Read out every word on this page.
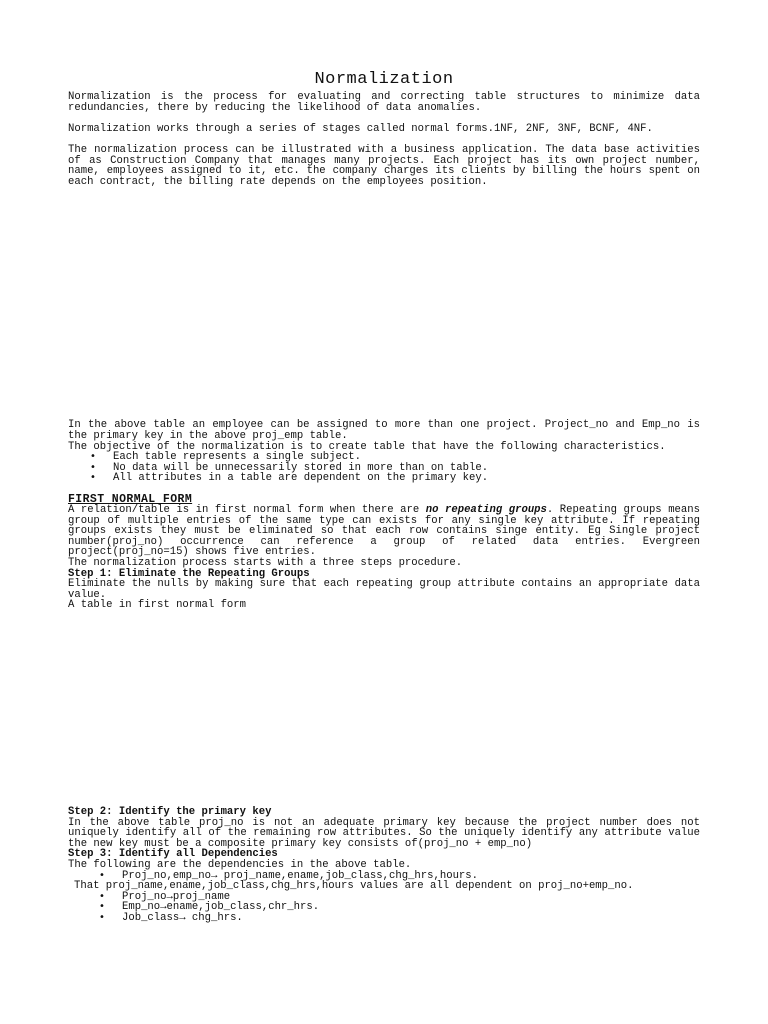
Normalization

Normalization is the process for evaluating and correcting table structures to minimize data redundancies, there by reducing the likelihood of data anomalies.

Normalization works through a series of stages called normal forms.1NF, 2NF, 3NF, BCNF, 4NF.

The normalization process can be illustrated with a business application. The data base activities of as Construction Company that manages many projects. Each project has its own project number, name, employees assigned to it, etc. the company charges its clients by billing the hours spent on each contract, the billing rate depends on the employees position.

In the above table an employee can be assigned to more than one project. Project_no and Emp_no is the primary key in the above proj_emp table.

The objective of the normalization is to create table that have the following characteristics.

• Each table represents a single subject.
• No data will be unnecessarily stored in more than on table.
• All attributes in a table are dependent on the primary key.
FIRST NORMAL FORM

A relation/table is in first normal form when there are no repeating groups. Repeating groups means group of multiple entries of the same type can exists for any single key attribute. If repeating groups exists they must be eliminated so that each row contains singe entity. Eg Single project number(proj_no) occurrence can reference a group of related data entries. Evergreen project(proj_no=15) shows five entries.

The normalization process starts with a three steps procedure.

Step 1: Eliminate the Repeating Groups

Eliminate the nulls by making sure that each repeating group attribute contains an appropriate data value.

A table in first normal form

Step 2: Identify the primary key

In the above table proj_no is not an adequate primary key because the project number does not uniquely identify all of the remaining row attributes. So the uniquely identify any attribute value the new key must be a composite primary key consists of(proj_no + emp_no)

Step 3: Identify all Dependencies

The following are the dependencies in the above table.

• Proj_no,emp_no→ proj_name,ename,job_class,chg_hrs,hours.

That proj_name,ename,job_class,chg_hrs,hours values are all dependent on proj_no+emp_no.

• Proj_no→proj_name
• Emp_no→ename,job_class,chr_hrs.
• Job_class→ chg_hrs.
